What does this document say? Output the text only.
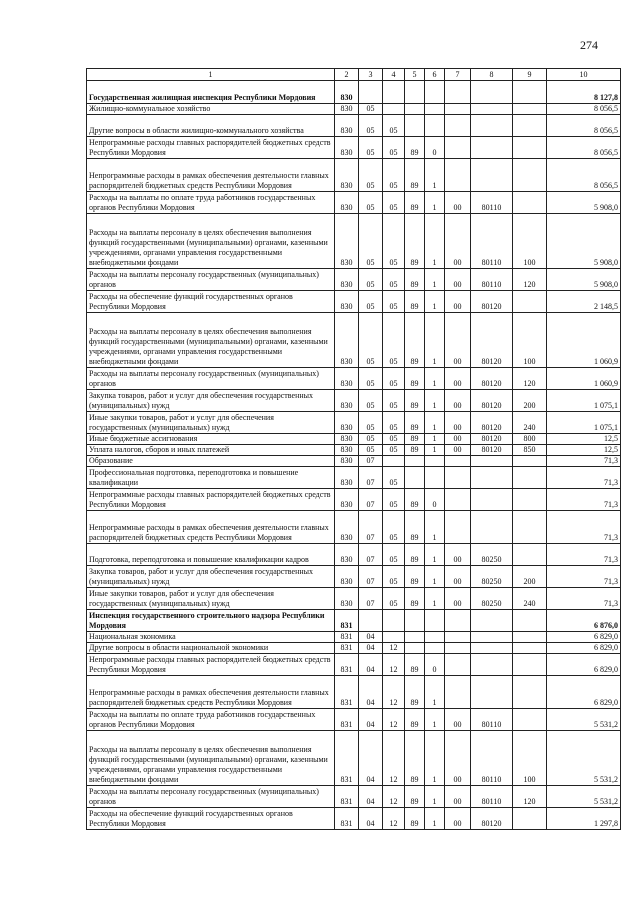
274
1	2	3	4	5	6	7	8	9	10
Государственная жилищная инспекция Республики Мордовия	830								8 127,8
Жилищно-коммунальное хозяйство	830	05							8 056,5
Другие вопросы в области жилищно-коммунального хозяйства	830	05	05						8 056,5
Непрограммные расходы главных распорядителей бюджетных средств Республики Мордовия	830	05	05	89	0				8 056,5
Непрограммные расходы в рамках обеспечения деятельности главных распорядителей бюджетных средств Республики Мордовия	830	05	05	89	1				8 056,5
Расходы на выплаты по оплате труда работников государственных органов Республики Мордовия	830	05	05	89	1	00	80110		5 908,0
Расходы на выплаты персоналу в целях обеспечения выполнения функций государственными (муниципальными) органами, казенными учреждениями, органами управления государственными внебюджетными фондами	830	05	05	89	1	00	80110	100	5 908,0
Расходы на выплаты персоналу государственных (муниципальных) органов	830	05	05	89	1	00	80110	120	5 908,0
Расходы на обеспечение функций государственных органов Республики Мордовия	830	05	05	89	1	00	80120		2 148,5
Расходы на выплаты персоналу в целях обеспечения выполнения функций государственными (муниципальными) органами, казенными учреждениями, органами управления государственными внебюджетными фондами	830	05	05	89	1	00	80120	100	1 060,9
Расходы на выплаты персоналу государственных (муниципальных) органов	830	05	05	89	1	00	80120	120	1 060,9
Закупка товаров, работ и услуг для обеспечения государственных (муниципальных) нужд	830	05	05	89	1	00	80120	200	1 075,1
Иные закупки товаров, работ и услуг для обеспечения государственных (муниципальных) нужд	830	05	05	89	1	00	80120	240	1 075,1
Иные бюджетные ассигнования	830	05	05	89	1	00	80120	800	12,5
Уплата налогов, сборов и иных платежей	830	05	05	89	1	00	80120	850	12,5
Образование	830	07							71,3
Профессиональная подготовка, переподготовка и повышение квалификации	830	07	05						71,3
Непрограммные расходы главных распорядителей бюджетных средств Республики Мордовия	830	07	05	89	0				71,3
Непрограммные расходы в рамках обеспечения деятельности главных распорядителей бюджетных средств Республики Мордовия	830	07	05	89	1				71,3
Подготовка, переподготовка и повышение квалификации кадров	830	07	05	89	1	00	80250		71,3
Закупка товаров, работ и услуг для обеспечения государственных (муниципальных) нужд	830	07	05	89	1	00	80250	200	71,3
Иные закупки товаров, работ и услуг для обеспечения государственных (муниципальных) нужд	830	07	05	89	1	00	80250	240	71,3
Инспекция государственного строительного надзора Республики Мордовия	831								6 876,0
Национальная экономика	831	04							6 829,0
Другие вопросы в области национальной экономики	831	04	12						6 829,0
Непрограммные расходы главных распорядителей бюджетных средств Республики Мордовия	831	04	12	89	0				6 829,0
Непрограммные расходы в рамках обеспечения деятельности главных распорядителей бюджетных средств Республики Мордовия	831	04	12	89	1				6 829,0
Расходы на выплаты по оплате труда работников государственных органов Республики Мордовия	831	04	12	89	1	00	80110		5 531,2
Расходы на выплаты персоналу в целях обеспечения выполнения функций государственными (муниципальными) органами, казенными учреждениями, органами управления государственными внебюджетными фондами	831	04	12	89	1	00	80110	100	5 531,2
Расходы на выплаты персоналу государственных (муниципальных) органов	831	04	12	89	1	00	80110	120	5 531,2
Расходы на обеспечение функций государственных органов Республики Мордовия	831	04	12	89	1	00	80120		1 297,8
